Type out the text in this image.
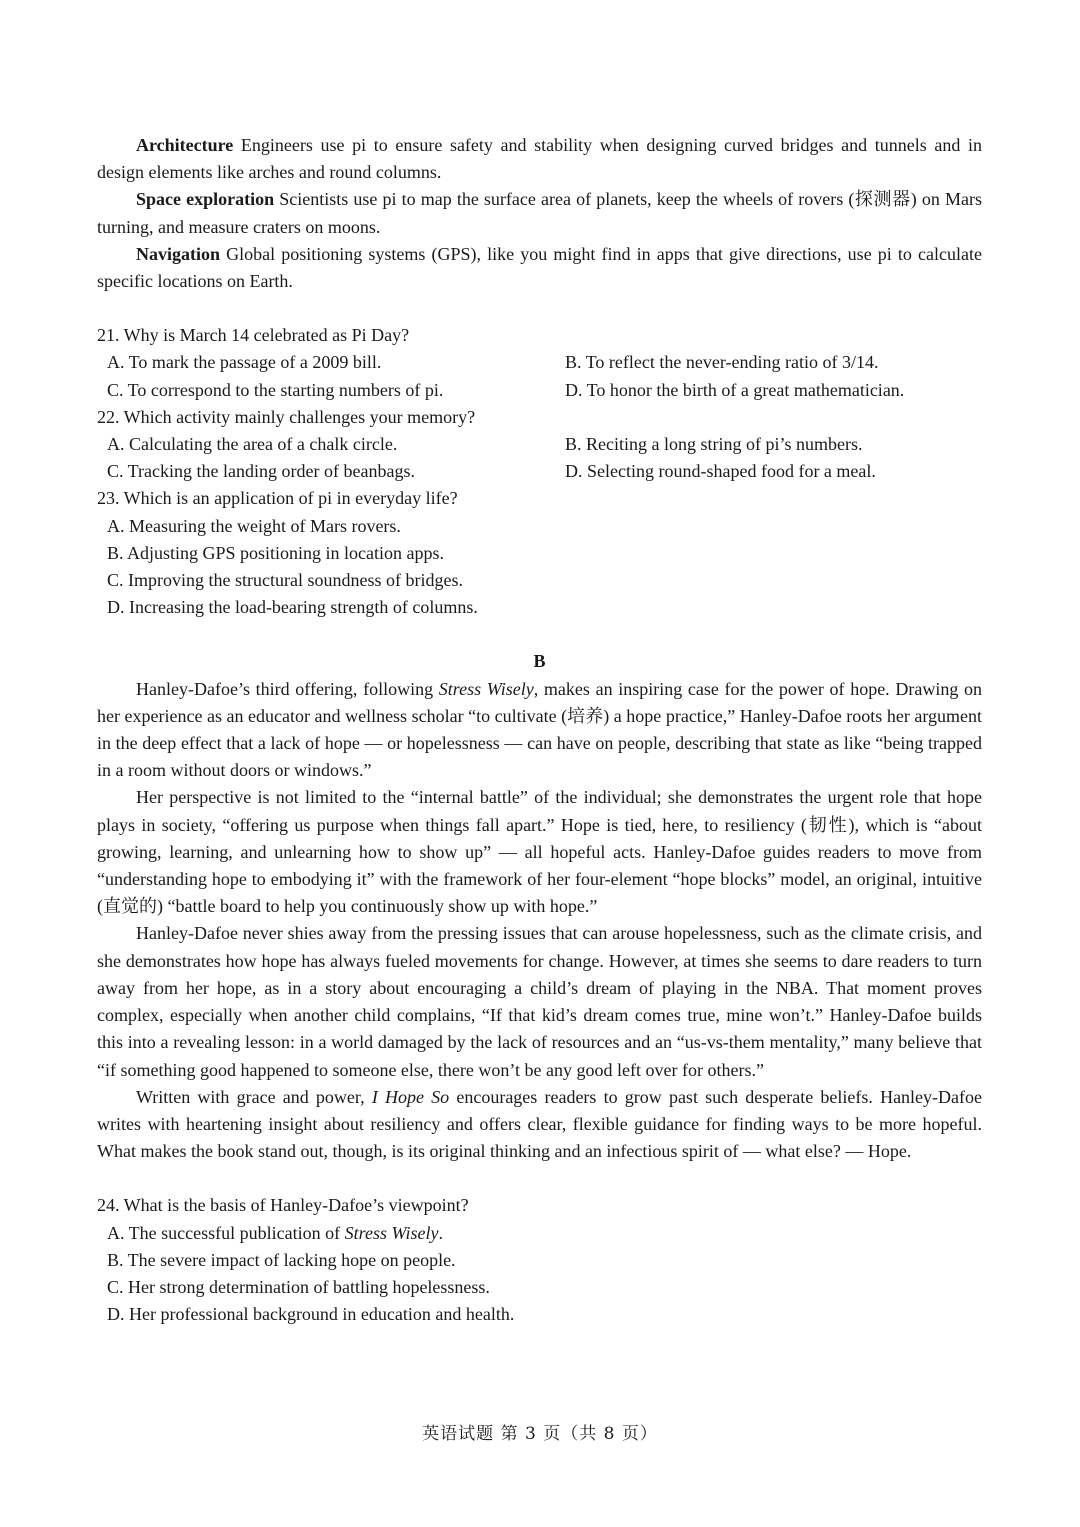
Architecture Engineers use pi to ensure safety and stability when designing curved bridges and tunnels and in design elements like arches and round columns.

Space exploration Scientists use pi to map the surface area of planets, keep the wheels of rovers (探测器) on Mars turning, and measure craters on moons.

Navigation Global positioning systems (GPS), like you might find in apps that give directions, use pi to calculate specific locations on Earth.

21. Why is March 14 celebrated as Pi Day?
A. To mark the passage of a 2009 bill.	B. To reflect the never-ending ratio of 3/14.
C. To correspond to the starting numbers of pi.	D. To honor the birth of a great mathematician.
22. Which activity mainly challenges your memory?
A. Calculating the area of a chalk circle.	B. Reciting a long string of pi’s numbers.
C. Tracking the landing order of beanbags.	D. Selecting round-shaped food for a meal.
23. Which is an application of pi in everyday life?
A. Measuring the weight of Mars rovers.
B. Adjusting GPS positioning in location apps.
C. Improving the structural soundness of bridges.
D. Increasing the load-bearing strength of columns.
B

Hanley-Dafoe’s third offering, following Stress Wisely, makes an inspiring case for the power of hope. Drawing on her experience as an educator and wellness scholar “to cultivate (培养) a hope practice,” Hanley-Dafoe roots her argument in the deep effect that a lack of hope — or hopelessness — can have on people, describing that state as like “being trapped in a room without doors or windows.”

Her perspective is not limited to the “internal battle” of the individual; she demonstrates the urgent role that hope plays in society, “offering us purpose when things fall apart.” Hope is tied, here, to resiliency (韧性), which is “about growing, learning, and unlearning how to show up” — all hopeful acts. Hanley-Dafoe guides readers to move from “understanding hope to embodying it” with the framework of her four-element “hope blocks” model, an original, intuitive (直觉的) “battle board to help you continuously show up with hope.”

Hanley-Dafoe never shies away from the pressing issues that can arouse hopelessness, such as the climate crisis, and she demonstrates how hope has always fueled movements for change. However, at times she seems to dare readers to turn away from her hope, as in a story about encouraging a child’s dream of playing in the NBA. That moment proves complex, especially when another child complains, “If that kid’s dream comes true, mine won’t.” Hanley-Dafoe builds this into a revealing lesson: in a world damaged by the lack of resources and an “us-vs-them mentality,” many believe that “if something good happened to someone else, there won’t be any good left over for others.”

Written with grace and power, I Hope So encourages readers to grow past such desperate beliefs. Hanley-Dafoe writes with heartening insight about resiliency and offers clear, flexible guidance for finding ways to be more hopeful. What makes the book stand out, though, is its original thinking and an infectious spirit of — what else? — Hope.

24. What is the basis of Hanley-Dafoe’s viewpoint?
A. The successful publication of Stress Wisely.
B. The severe impact of lacking hope on people.
C. Her strong determination of battling hopelessness.
D. Her professional background in education and health.
英语试题 第 3 页（共 8 页）
